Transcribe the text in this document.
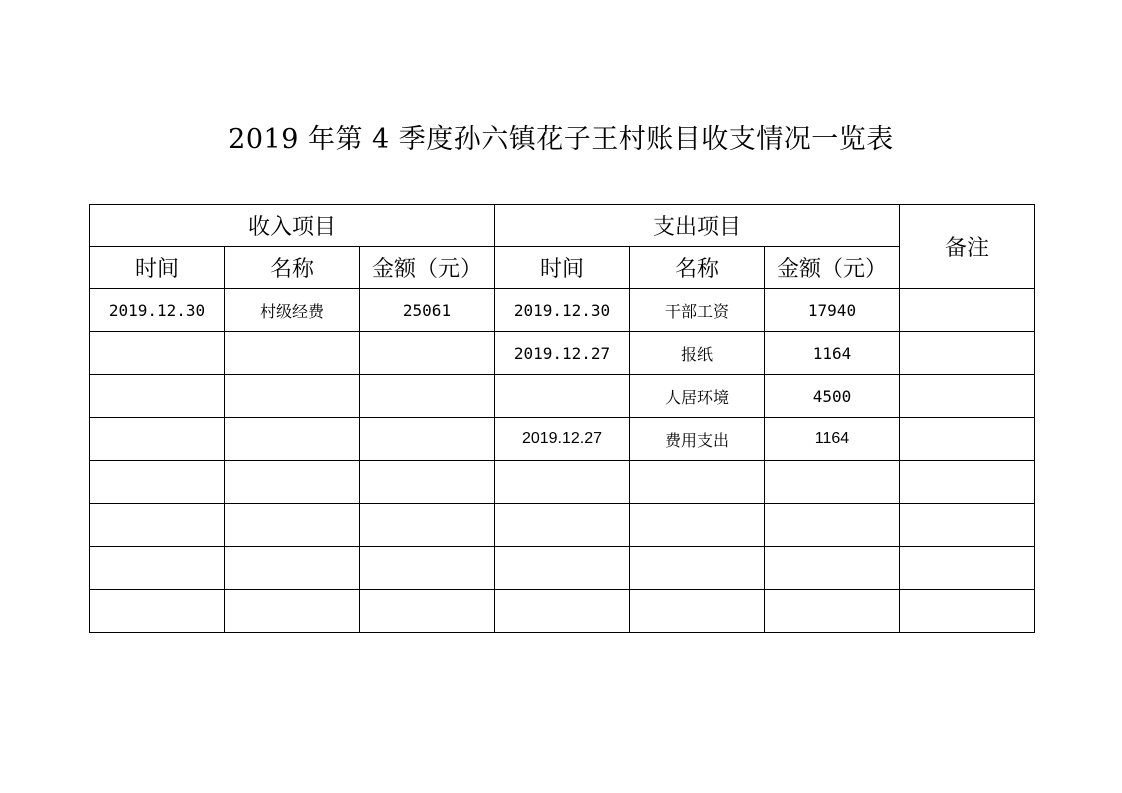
2019 年第 4 季度孙六镇花子王村账目收支情况一览表
收入项目			支出项目			备注
时间	名称	金额（元）	时间	名称	金额（元）	
2019.12.30	村级经费	25061	2019.12.30	干部工资	17940	
			2019.12.27	报纸	1164	
				人居环境	4500	
			2019.12.27	费用支出	1164	
